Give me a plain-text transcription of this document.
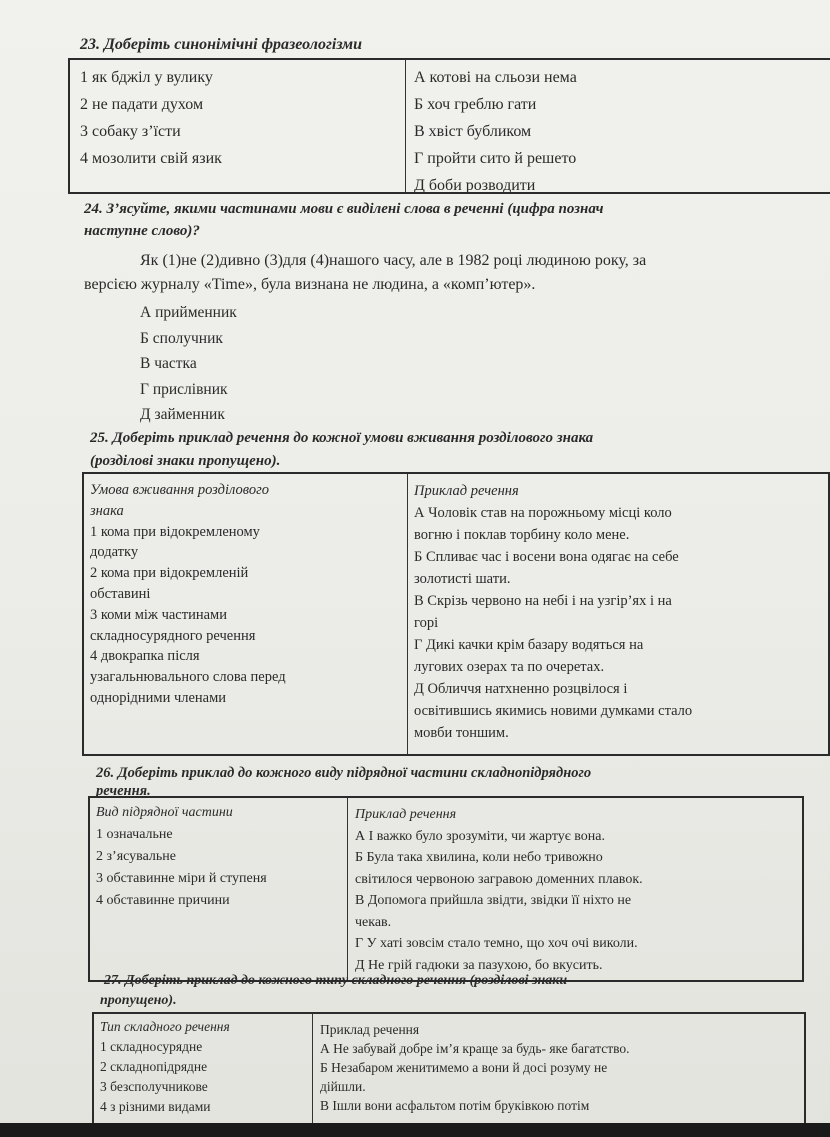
23. Доберіть синонімічні фразеологізми
1 як бджіл у вулику
2 не падати духом
3 собаку з’їсти
4 мозолити свій язик
А котові на сльози нема
Б хоч греблю гати
В хвіст бубликом
Г пройти сито й решето
Д боби розводити
24. З’ясуйте, якими частинами мови є виділені слова в реченні (цифра познач
наступне слово)?
Як (1)не (2)дивно (3)для (4)нашого часу, але в 1982 році людиною року, за
версією журналу «Time», була визнана не людина, а «комп’ютер».
А прийменник
Б сполучник
В частка
Г прислівник
Д займенник
25. Доберіть приклад речення до кожної умови вживання розділового знака
(розділові знаки пропущено).
Умова вживання розділового
знака
1 кома при відокремленому
додатку
2 кома при відокремленій
обставині
3 коми між частинами
складносурядного речення
4 двокрапка після
узагальнювального слова перед
однорідними членами
Приклад речення
А Чоловік став на порожньому місці коло
вогню і поклав торбину коло мене.
Б Спливає час і восени вона одягає на себе
золотисті шати.
В Скрізь червоно на небі і на узгір’ях і на
горі
Г Дикі качки крім базару водяться на
лугових озерах та по очеретах.
Д Обличчя натхненно розцвілося і
освітившись якимись новими думками стало
мовби тоншим.
26. Доберіть приклад до кожного виду підрядної частини складнопідрядного
речення.
Вид підрядної частини
1 означальне
2 з’ясувальне
3 обставинне міри й ступеня
4 обставинне причини
Приклад речення
А І важко було зрозуміти, чи жартує вона.
Б Була така хвилина, коли небо тривожно
світилося червоною загравою доменних плавок.
В Допомога прийшла звідти, звідки її ніхто не
чекав.
Г У хаті зовсім стало темно, що хоч очі виколи.
Д Не грій гадюки за пазухою, бо вкусить.
27. Доберіть приклад до кожного типу складного речення (розділові знаки
пропущено).
Тип складного речення
1 складносурядне
2 складнопідрядне
3 безсполучникове
4 з різними видами
Приклад речення
А Не забувай добре ім’я краще за будь- яке багатство.
Б Незабаром женитимемо а вони й досі розуму не
дійшли.
В Ішли вони асфальтом потім бруківкою потім
